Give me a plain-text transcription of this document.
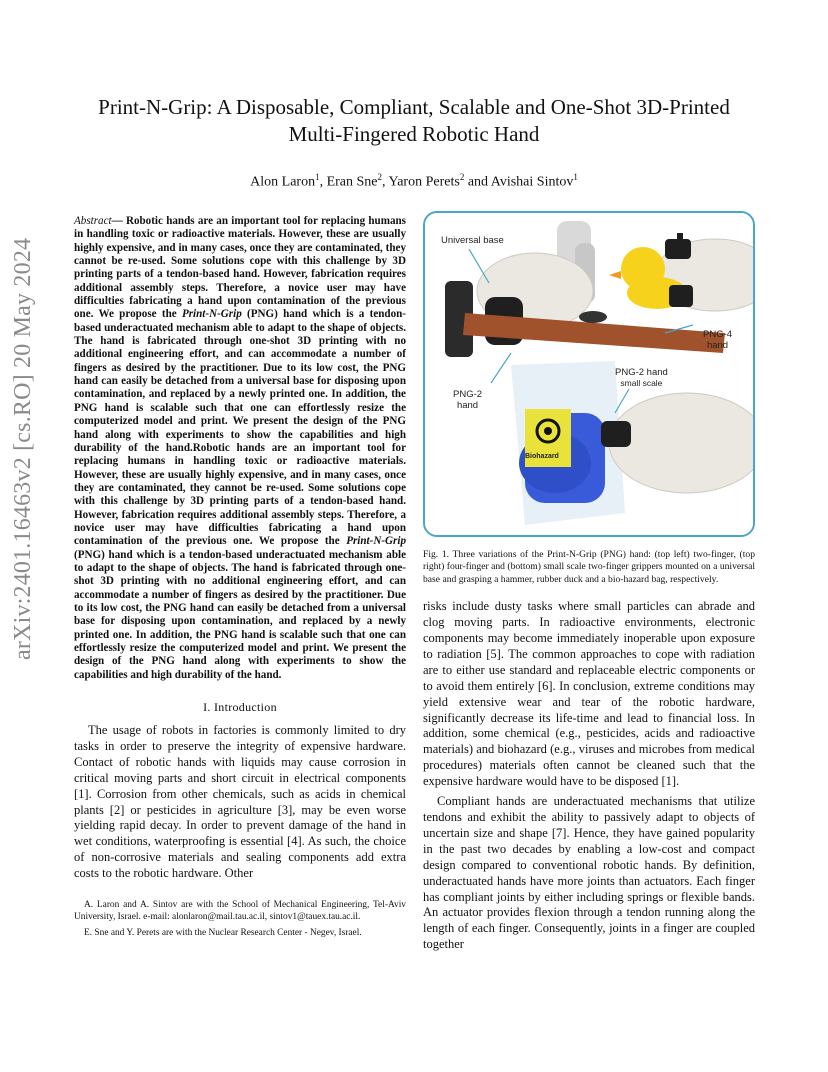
arXiv:2401.16463v2 [cs.RO] 20 May 2024
Print-N-Grip: A Disposable, Compliant, Scalable and One-Shot 3D-Printed
Multi-Fingered Robotic Hand
Alon Laron$^1$, Eran Sne$^2$, Yaron Perets$^2$ and Avishai Sintov$^1$

Abstract— Robotic hands are an important tool for replacing humans in handling toxic or radioactive materials. However, these are usually highly expensive, and in many cases, once they are contaminated, they cannot be re-used. Some solutions cope with this challenge by 3D printing parts of a tendon-based hand. However, fabrication requires additional assembly steps. Therefore, a novice user may have difficulties fabricating a hand upon contamination of the previous one. We propose the Print-N-Grip (PNG) hand which is a tendon-based underactuated mechanism able to adapt to the shape of objects. The hand is fabricated through one-shot 3D printing with no additional engineering effort, and can accommodate a number of fingers as desired by the practitioner. Due to its low cost, the PNG hand can easily be detached from a universal base for disposing upon contamination, and replaced by a newly printed one. In addition, the PNG hand is scalable such that one can effortlessly resize the computerized model and print. We present the design of the PNG hand along with experiments to show the capabilities and high durability of the hand.Robotic hands are an important tool for replacing humans in handling toxic or radioactive materials. However, these are usually highly expensive, and in many cases, once they are contaminated, they cannot be re-used. Some solutions cope with this challenge by 3D printing parts of a tendon-based hand. However, fabrication requires additional assembly steps. Therefore, a novice user may have difficulties fabricating a hand upon contamination of the previous one. We propose the Print-N-Grip (PNG) hand which is a tendon-based underactuated mechanism able to adapt to the shape of objects. The hand is fabricated through one-shot 3D printing with no additional engineering effort, and can accommodate a number of fingers as desired by the practitioner. Due to its low cost, the PNG hand can easily be detached from a universal base for disposing upon contamination, and replaced by a newly printed one. In addition, the PNG hand is scalable such that one can effortlessly resize the computerized model and print. We present the design of the PNG hand along with experiments to show the capabilities and high durability of the hand.

I. Introduction

The usage of robots in factories is commonly limited to dry tasks in order to preserve the integrity of expensive hardware. Contact of robotic hands with liquids may cause corrosion in critical moving parts and short circuit in electrical components [1]. Corrosion from other chemicals, such as acids in chemical plants [2] or pesticides in agriculture [3], may be even worse yielding rapid decay. In order to prevent damage of the hand in wet conditions, waterproofing is essential [4]. As such, the choice of non-corrosive materials and sealing components add extra costs to the robotic hardware. Other

A. Laron and A. Sintov are with the School of Mechanical Engineering, Tel-Aviv University, Israel. e-mail: alonlaron@mail.tau.ac.il, sintov1@tauex.tau.ac.il.

E. Sne and Y. Perets are with the Nuclear Research Center - Negev, Israel.

Universal base
PNG-4
hand
PNG-2 hand
small scale
PNG-2
hand
Biohazard

Fig. 1. Three variations of the Print-N-Grip (PNG) hand: (top left) two-finger, (top right) four-finger and (bottom) small scale two-finger grippers mounted on a universal base and grasping a hammer, rubber duck and a bio-hazard bag, respectively.

risks include dusty tasks where small particles can abrade and clog moving parts. In radioactive environments, electronic components may become immediately inoperable upon exposure to radiation [5]. The common approaches to cope with radiation are to either use standard and replaceable electric components or to avoid them entirely [6]. In conclusion, extreme conditions may yield extensive wear and tear of the robotic hardware, significantly decrease its life-time and lead to financial loss. In addition, some chemical (e.g., pesticides, acids and radioactive materials) and biohazard (e.g., viruses and microbes from medical procedures) materials often cannot be cleaned such that the expensive hardware would have to be disposed [1].

Compliant hands are underactuated mechanisms that utilize tendons and exhibit the ability to passively adapt to objects of uncertain size and shape [7]. Hence, they have gained popularity in the past two decades by enabling a low-cost and compact design compared to conventional robotic hands. By definition, underactuated hands have more joints than actuators. Each finger has compliant joints by either including springs or flexible bands. An actuator provides flexion through a tendon running along the length of each finger. Consequently, joints in a finger are coupled together
